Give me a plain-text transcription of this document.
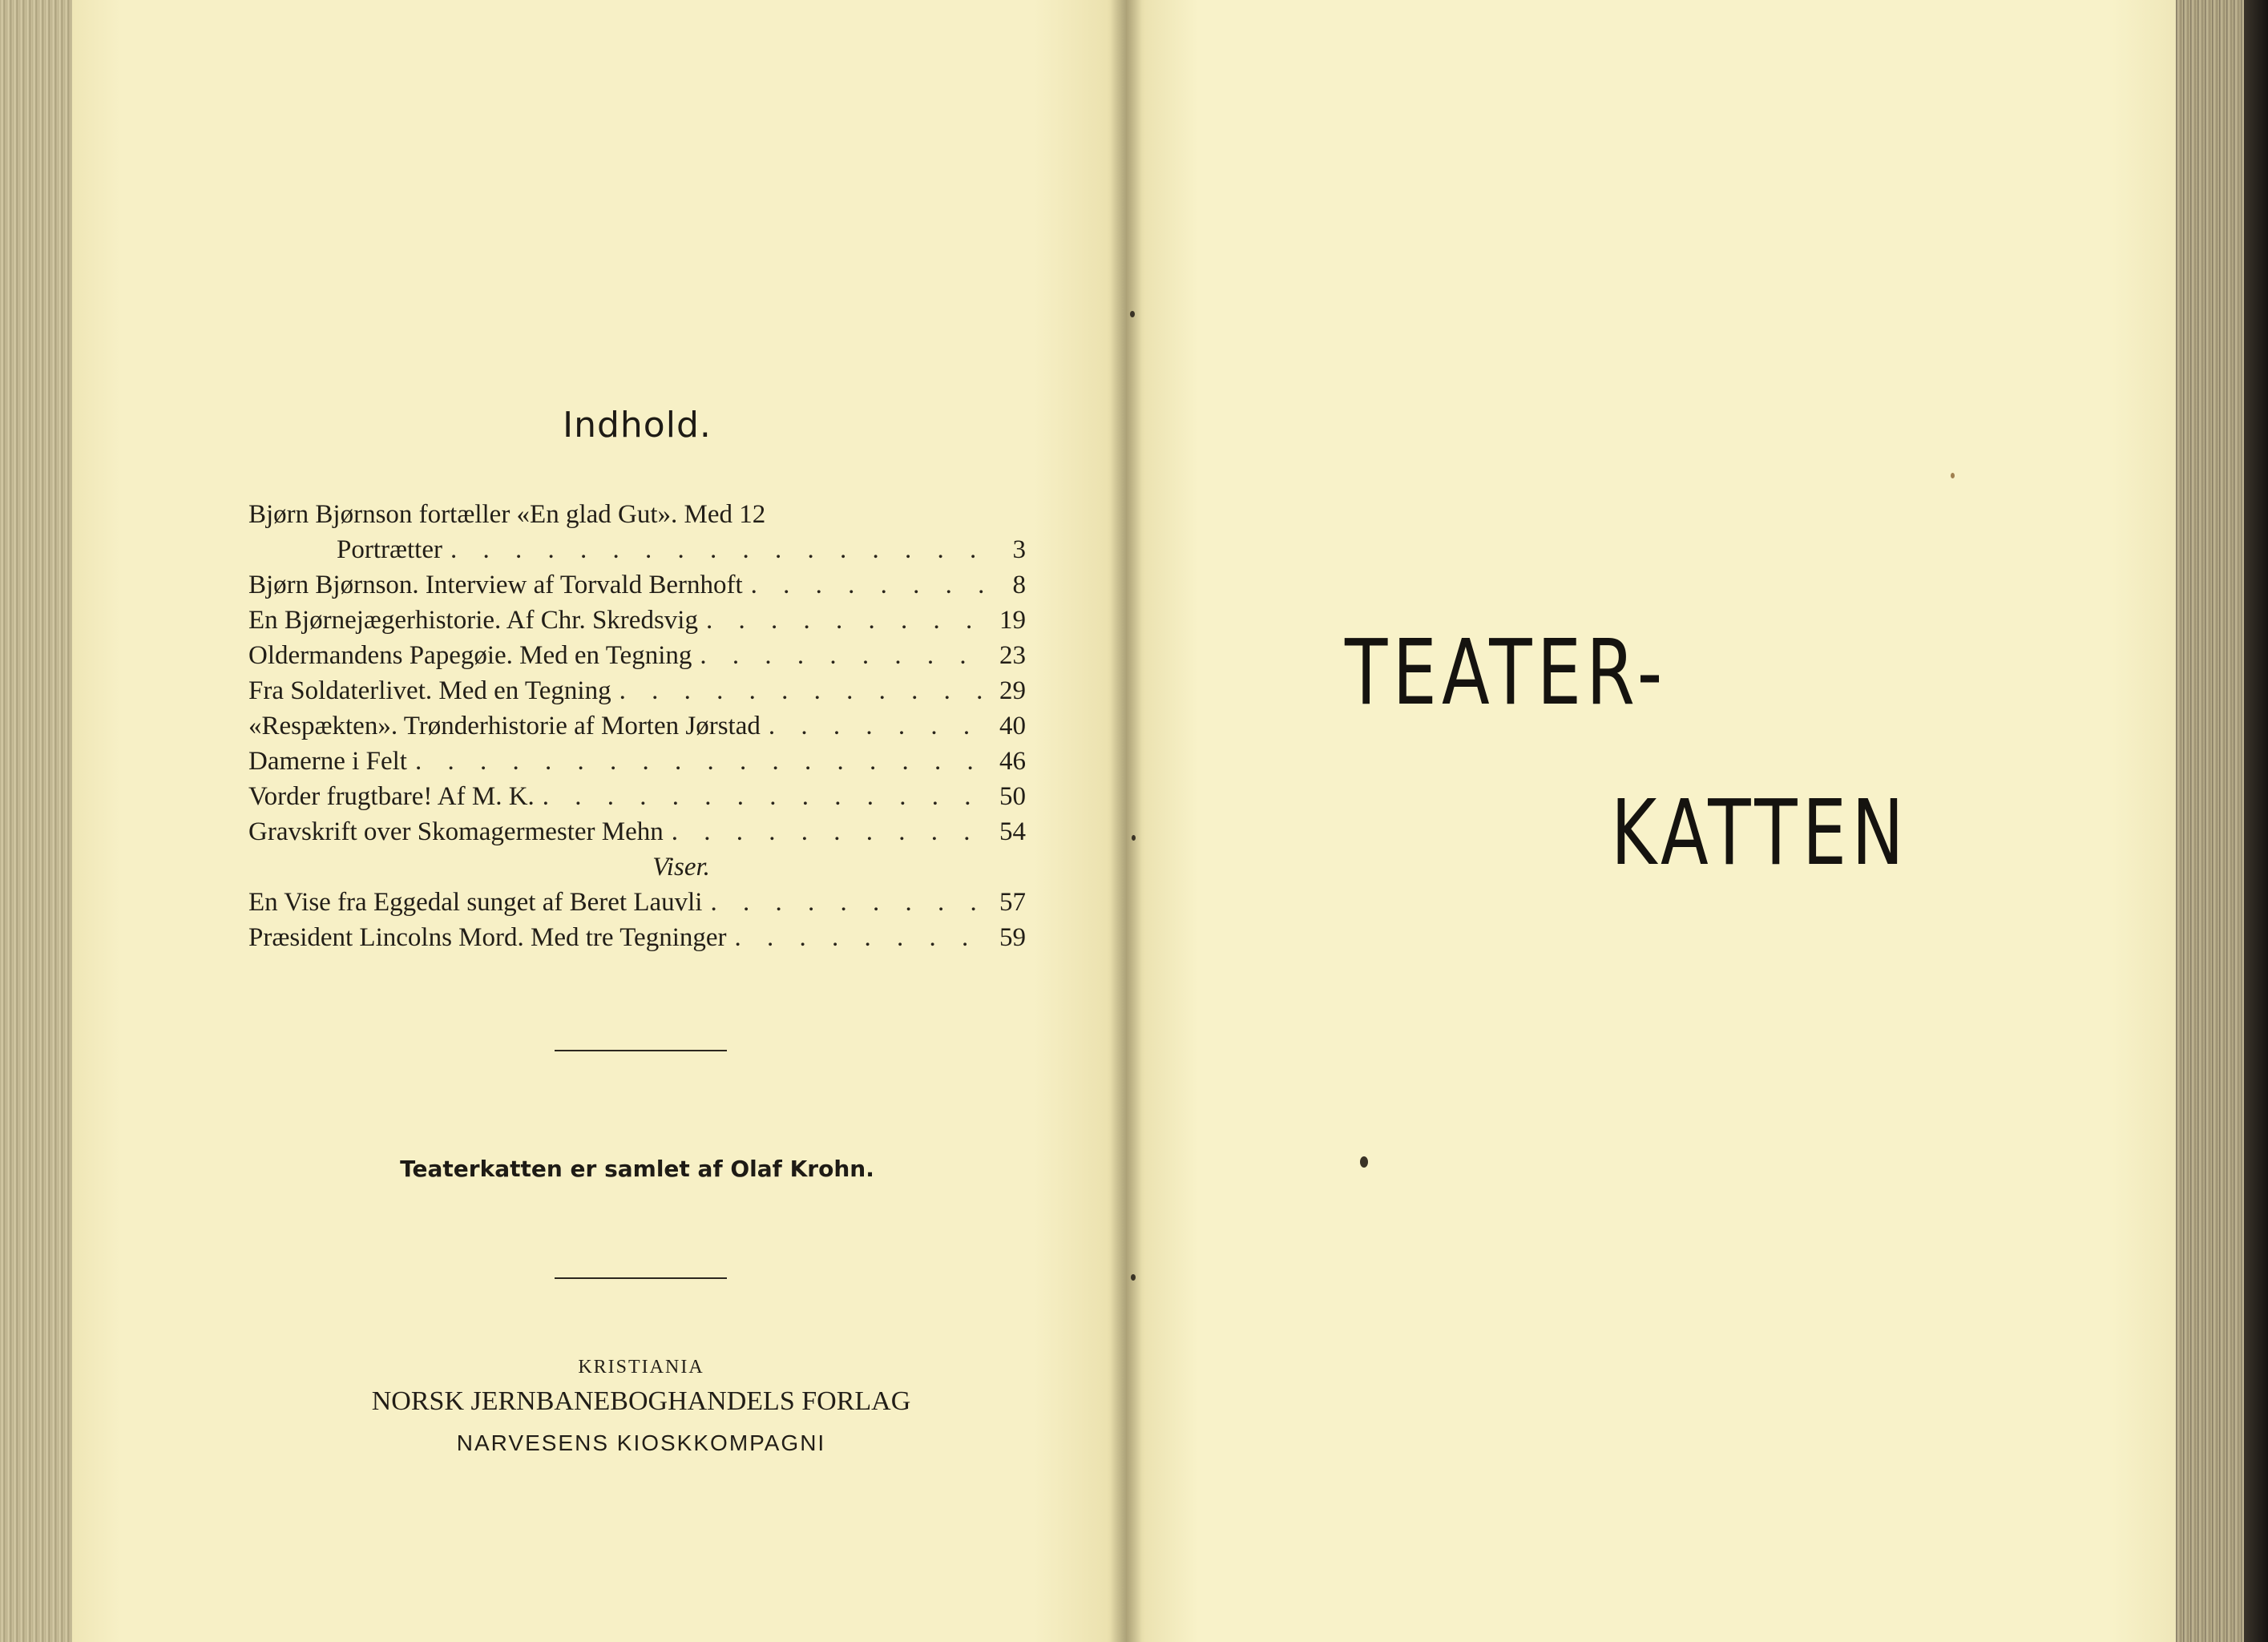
Indhold.
Bjørn Bjørnson fortæller «En glad Gut». Med 12
Portrætter . . .	3
Bjørn Bjørnson. Interview af Torvald Bernhoft . . .	8
En Bjørnejægerhistorie. Af Chr. Skredsvig . . .	19
Oldermandens Papegøie. Med en Tegning . . .	23
Fra Soldaterlivet. Med en Tegning . . .	29
«Respækten». Trønderhistorie af Morten Jørstad . . .	40
Damerne i Felt . . .	46
Vorder frugtbare! Af M. K. . . .	50
Gravskrift over Skomagermester Mehn . . .	54
Viser.
En Vise fra Eggedal sunget af Beret Lauvli . . .	57
Præsident Lincolns Mord. Med tre Tegninger . . .	59
Teaterkatten er samlet af Olaf Krohn.
KRISTIANIA
NORSK JERNBANEBOGHANDELS FORLAG
NARVESENS KIOSKKOMPAGNI
TEATER-
KATTEN
